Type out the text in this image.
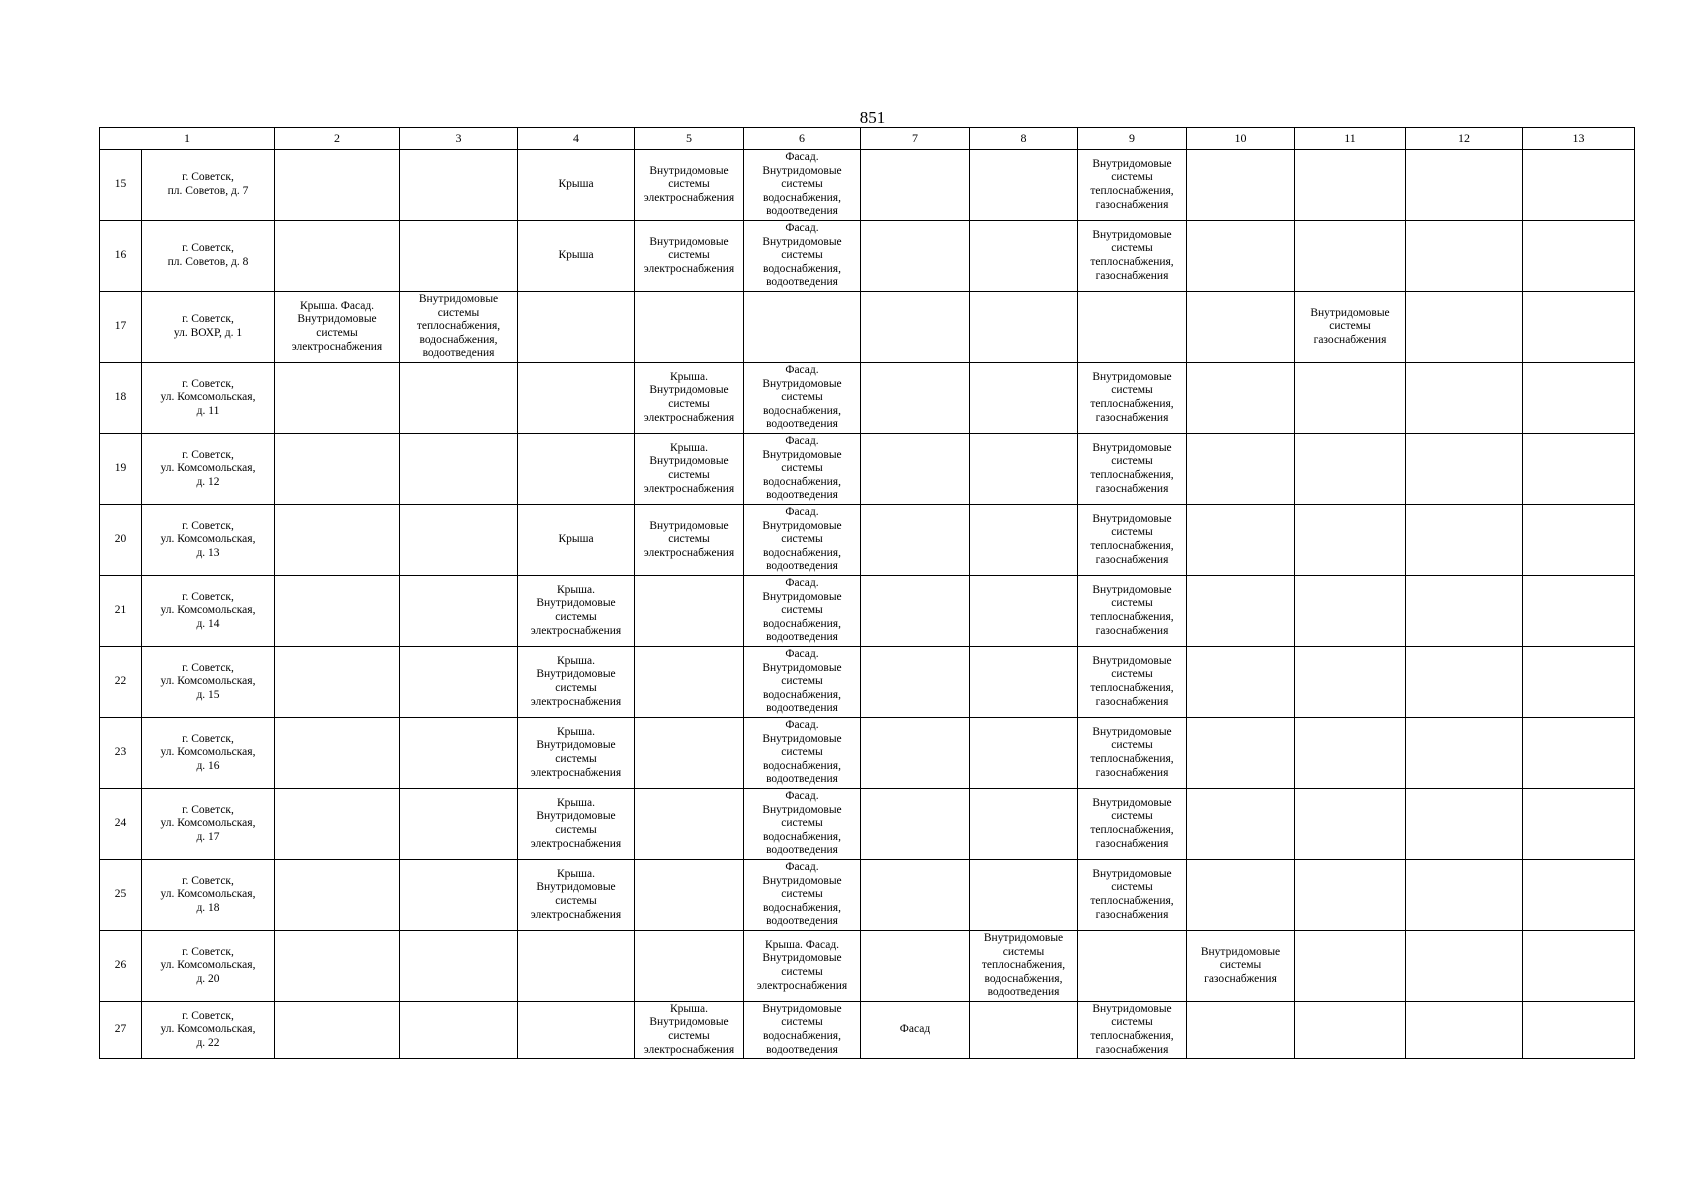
851
1		2	3	4	5	6	7	8	9	10	11	12	13
15	г. Советск,
пл. Советов, д. 7			Крыша	Внутридомовые
системы
электроснабжения	Фасад.
Внутридомовые
системы
водоснабжения,
водоотведения			Внутридомовые
системы
теплоснабжения,
газоснабжения				
16	г. Советск,
пл. Советов, д. 8			Крыша	Внутридомовые
системы
электроснабжения	Фасад.
Внутридомовые
системы
водоснабжения,
водоотведения			Внутридомовые
системы
теплоснабжения,
газоснабжения				
17	г. Советск,
ул. ВОХР, д. 1	Крыша. Фасад.
Внутридомовые
системы
электроснабжения	Внутридомовые
системы
теплоснабжения,
водоснабжения,
водоотведения								Внутридомовые
системы
газоснабжения		
18	г. Советск,
ул. Комсомольская,
д. 11				Крыша.
Внутридомовые
системы
электроснабжения	Фасад.
Внутридомовые
системы
водоснабжения,
водоотведения			Внутридомовые
системы
теплоснабжения,
газоснабжения				
19	г. Советск,
ул. Комсомольская,
д. 12				Крыша.
Внутридомовые
системы
электроснабжения	Фасад.
Внутридомовые
системы
водоснабжения,
водоотведения			Внутридомовые
системы
теплоснабжения,
газоснабжения				
20	г. Советск,
ул. Комсомольская,
д. 13			Крыша	Внутридомовые
системы
электроснабжения	Фасад.
Внутридомовые
системы
водоснабжения,
водоотведения			Внутридомовые
системы
теплоснабжения,
газоснабжения				
21	г. Советск,
ул. Комсомольская,
д. 14			Крыша.
Внутридомовые
системы
электроснабжения		Фасад.
Внутридомовые
системы
водоснабжения,
водоотведения			Внутридомовые
системы
теплоснабжения,
газоснабжения				
22	г. Советск,
ул. Комсомольская,
д. 15			Крыша.
Внутридомовые
системы
электроснабжения		Фасад.
Внутридомовые
системы
водоснабжения,
водоотведения			Внутридомовые
системы
теплоснабжения,
газоснабжения				
23	г. Советск,
ул. Комсомольская,
д. 16			Крыша.
Внутридомовые
системы
электроснабжения		Фасад.
Внутридомовые
системы
водоснабжения,
водоотведения			Внутридомовые
системы
теплоснабжения,
газоснабжения				
24	г. Советск,
ул. Комсомольская,
д. 17			Крыша.
Внутридомовые
системы
электроснабжения		Фасад.
Внутридомовые
системы
водоснабжения,
водоотведения			Внутридомовые
системы
теплоснабжения,
газоснабжения				
25	г. Советск,
ул. Комсомольская,
д. 18			Крыша.
Внутридомовые
системы
электроснабжения		Фасад.
Внутридомовые
системы
водоснабжения,
водоотведения			Внутридомовые
системы
теплоснабжения,
газоснабжения				
26	г. Советск,
ул. Комсомольская,
д. 20					Крыша. Фасад.
Внутридомовые
системы
электроснабжения		Внутридомовые
системы
теплоснабжения,
водоснабжения,
водоотведения		Внутридомовые
системы
газоснабжения			
27	г. Советск,
ул. Комсомольская,
д. 22				Крыша.
Внутридомовые
системы
электроснабжения	Внутридомовые
системы
водоснабжения,
водоотведения	Фасад		Внутридомовые
системы
теплоснабжения,
газоснабжения				
